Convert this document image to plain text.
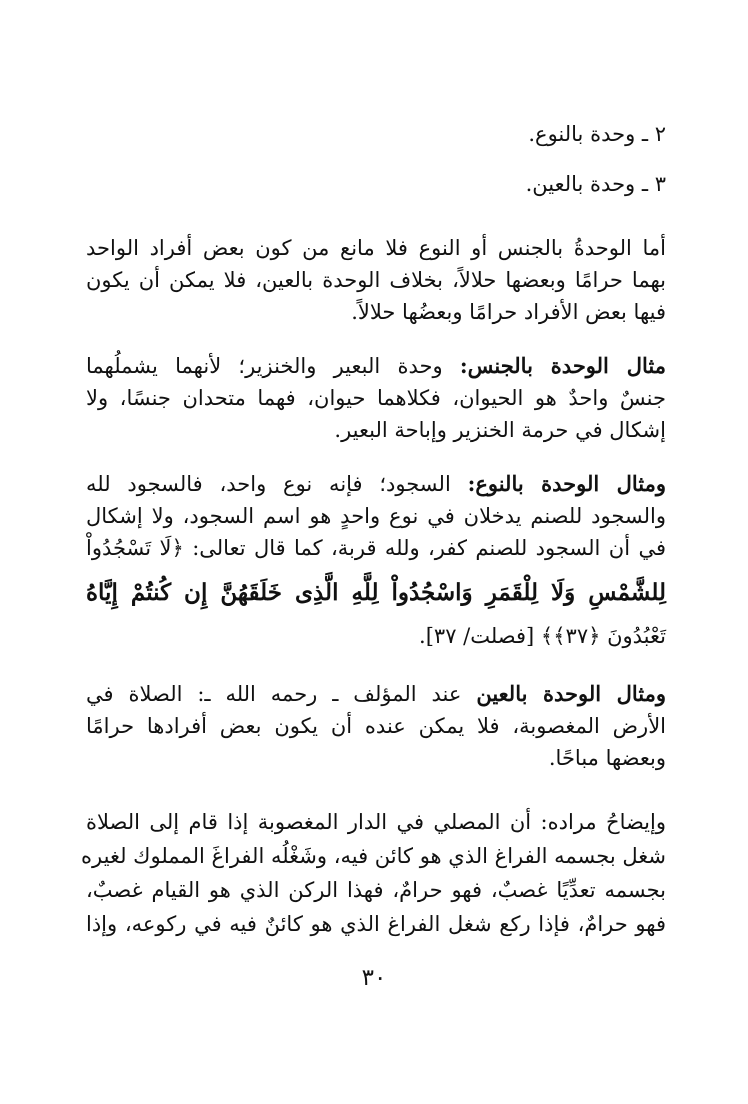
٢ ـ وحدة بالنوع.
٣ ـ وحدة بالعين.
أما الوحدةُ بالجنس أو النوع فلا مانع من كون بعض أفراد الواحد
بهما حرامًا وبعضها حلالاً، بخلاف الوحدة بالعين، فلا يمكن أن يكون
فيها بعض الأفراد حرامًا وبعضُها حلالاً.
مثال الوحدة بالجنس: وحدة البعير والخنزير؛ لأنهما يشملُهما
جنسٌ واحدٌ هو الحيوان، فكلاهما حيوان، فهما متحدان جنسًا، ولا
إشكال في حرمة الخنزير وإباحة البعير.
ومثال الوحدة بالنوع: السجود؛ فإنه نوع واحد، فالسجود لله
والسجود للصنم يدخلان في نوع واحدٍ هو اسم السجود، ولا إشكال
في أن السجود للصنم كفر، ولله قربة، كما قال تعالى: ﴿لَا تَسْجُدُواْ
لِلشَّمْسِ وَلَا لِلْقَمَرِ وَاسْجُدُواْ لِلَّهِ الَّذِى خَلَقَهُنَّ إِن كُنتُمْ إِيَّاهُ
تَعْبُدُونَ ﴿٣٧﴾﴾ [فصلت/ ٣٧].
ومثال الوحدة بالعين عند المؤلف ـ رحمه الله ـ: الصلاة في
الأرض المغصوبة، فلا يمكن عنده أن يكون بعض أفرادها حرامًا
وبعضها مباحًا.
وإيضاحُ مراده: أن المصلي في الدار المغصوبة إذا قام إلى الصلاة
شغل بجسمه الفراغ الذي هو كائن فيه، وشَغْلُه الفراغَ المملوك لغيره
بجسمه تعدِّيًا غصبٌ، فهو حرامٌ، فهذا الركن الذي هو القيام غصبٌ،
فهو حرامٌ، فإذا ركع شغل الفراغ الذي هو كائنٌ فيه في ركوعه، وإذا
٣٠
